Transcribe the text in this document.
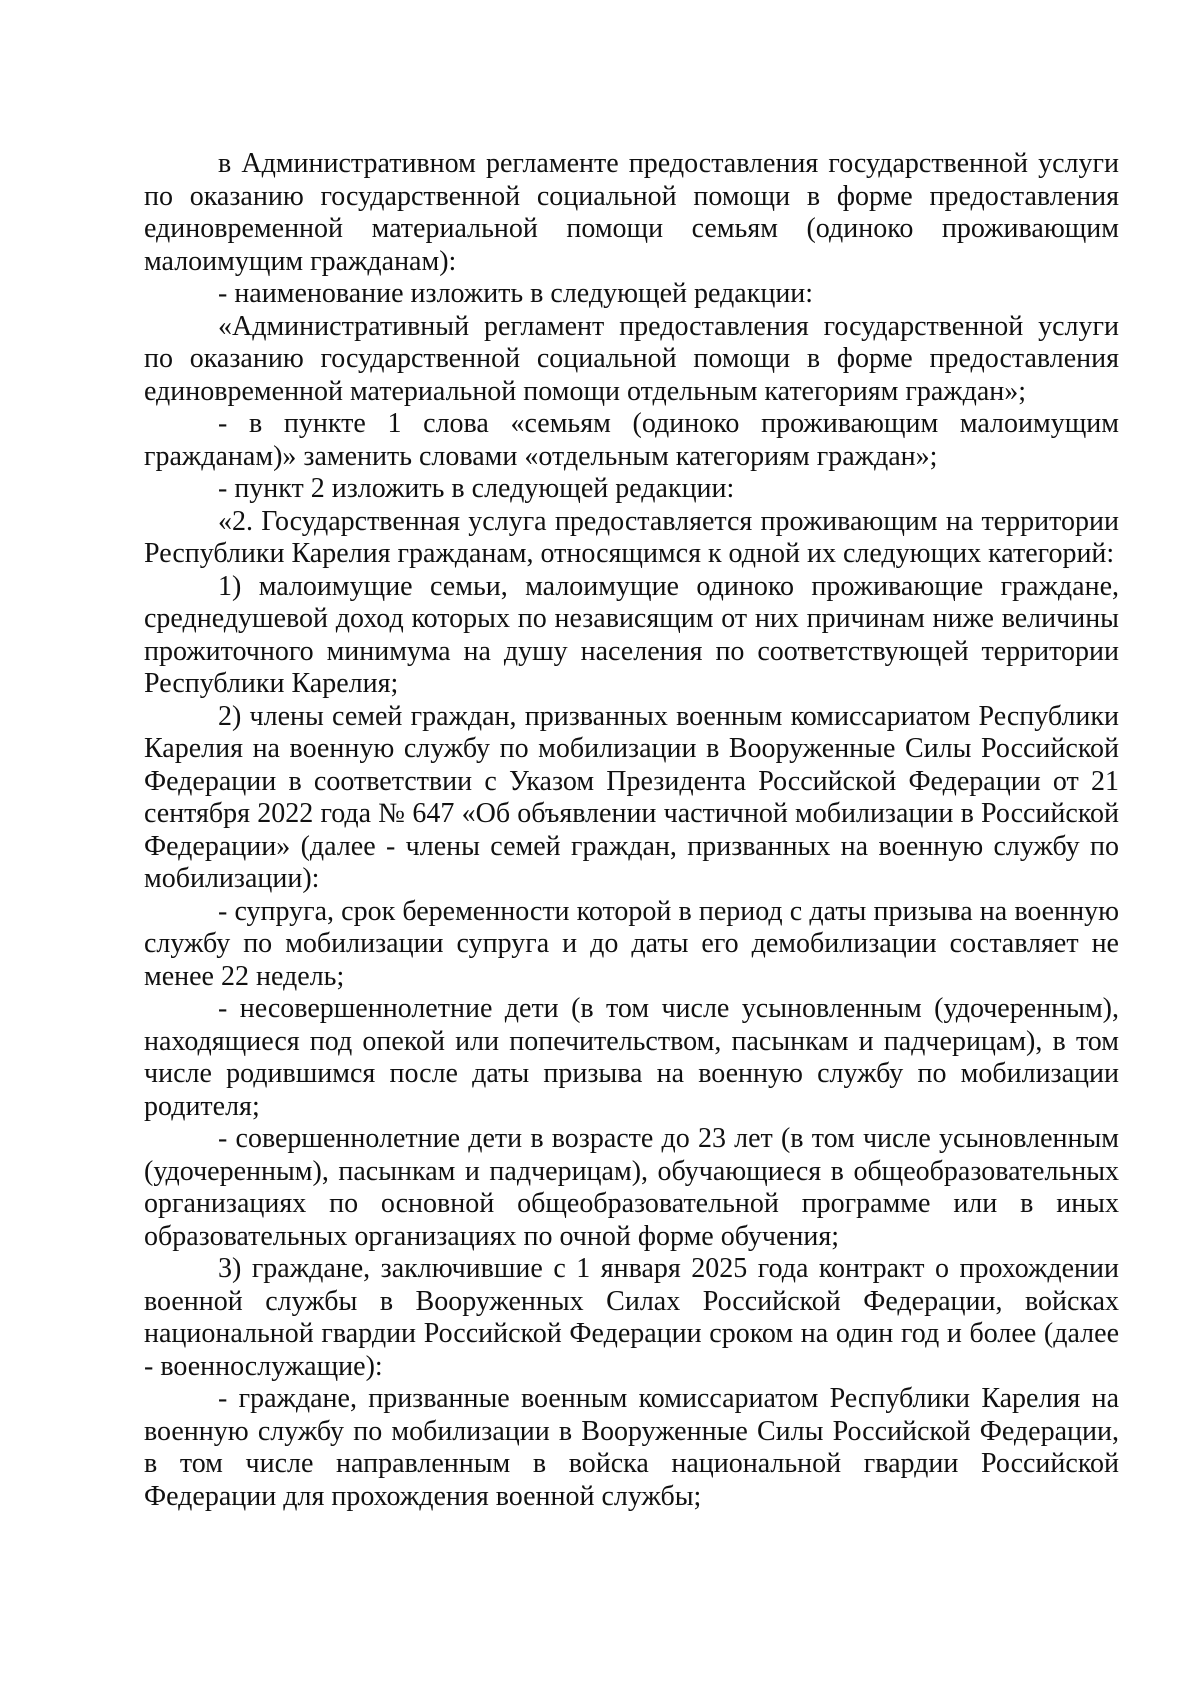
в Административном регламенте предоставления государственной услуги по оказанию государственной социальной помощи в форме предоставления единовременной материальной помощи семьям (одиноко проживающим малоимущим гражданам):

- наименование изложить в следующей редакции:

«Административный регламент предоставления государственной услуги по оказанию государственной социальной помощи в форме предоставления единовременной материальной помощи отдельным категориям граждан»;

- в пункте 1 слова «семьям (одиноко проживающим малоимущим гражданам)» заменить словами «отдельным категориям граждан»;

- пункт 2 изложить в следующей редакции:

«2. Государственная услуга предоставляется проживающим на территории Республики Карелия гражданам, относящимся к одной их следующих категорий:

1) малоимущие семьи, малоимущие одиноко проживающие граждане, среднедушевой доход которых по независящим от них причинам ниже величины прожиточного минимума на душу населения по соответствующей территории Республики Карелия;

2) члены семей граждан, призванных военным комиссариатом Республики Карелия на военную службу по мобилизации в Вооруженные Силы Российской Федерации в соответствии с Указом Президента Российской Федерации от 21 сентября 2022 года № 647 «Об объявлении частичной мобилизации в Российской Федерации» (далее - члены семей граждан, призванных на военную службу по мобилизации):

- супруга, срок беременности которой в период с даты призыва на военную службу по мобилизации супруга и до даты его демобилизации составляет не менее 22 недель;

- несовершеннолетние дети (в том числе усыновленным (удочеренным), находящиеся под опекой или попечительством, пасынкам и падчерицам), в том числе родившимся после даты призыва на военную службу по мобилизации родителя;

- совершеннолетние дети в возрасте до 23 лет (в том числе усыновленным (удочеренным), пасынкам и падчерицам), обучающиеся в общеобразовательных организациях по основной общеобразовательной программе или в иных образовательных организациях по очной форме обучения;

3) граждане, заключившие с 1 января 2025 года контракт о прохождении военной службы в Вооруженных Силах Российской Федерации, войсках национальной гвардии Российской Федерации сроком на один год и более (далее - военнослужащие):

- граждане, призванные военным комиссариатом Республики Карелия на военную службу по мобилизации в Вооруженные Силы Российской Федерации, в том числе направленным в войска национальной гвардии Российской Федерации для прохождения военной службы;
